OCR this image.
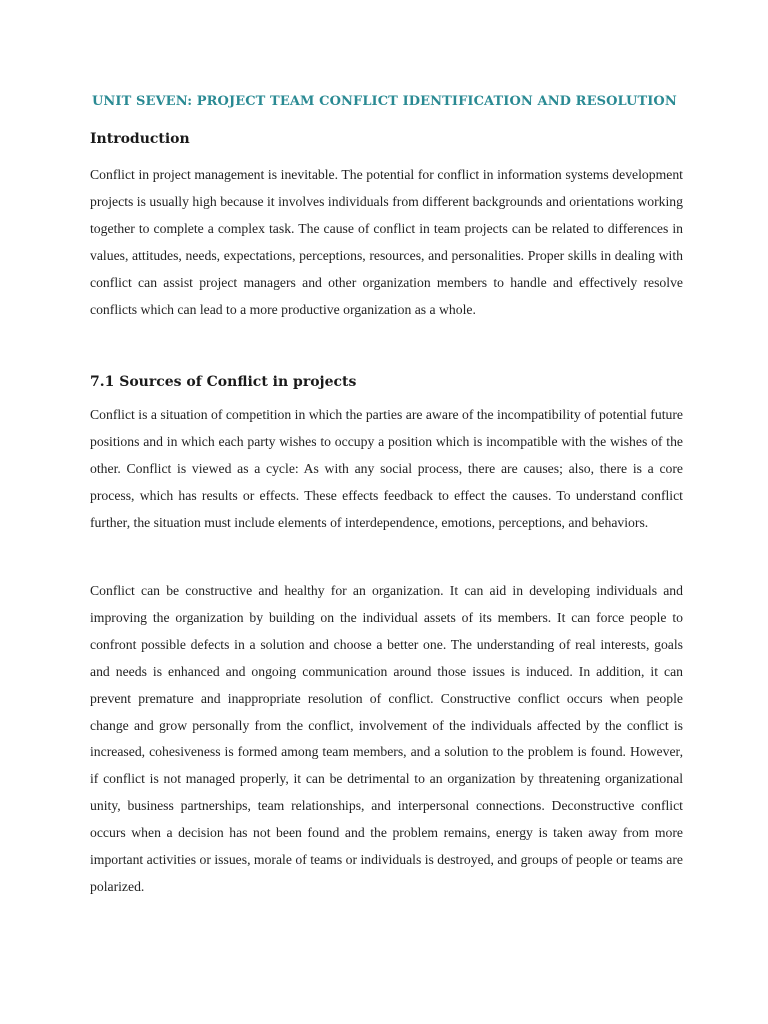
UNIT SEVEN: PROJECT TEAM CONFLICT IDENTIFICATION AND RESOLUTION
Introduction

Conflict in project management is inevitable. The potential for conflict in information systems development projects is usually high because it involves individuals from different backgrounds and orientations working together to complete a complex task. The cause of conflict in team projects can be related to differences in values, attitudes, needs, expectations, perceptions, resources, and personalities. Proper skills in dealing with conflict can assist project managers and other organization members to handle and effectively resolve conflicts which can lead to a more productive organization as a whole.

7.1 Sources of Conflict in projects

Conflict is a situation of competition in which the parties are aware of the incompatibility of potential future positions and in which each party wishes to occupy a position which is incompatible with the wishes of the other. Conflict is viewed as a cycle: As with any social process, there are causes; also, there is a core process, which has results or effects. These effects feedback to effect the causes. To understand conflict further, the situation must include elements of interdependence, emotions, perceptions, and behaviors.

Conflict can be constructive and healthy for an organization. It can aid in developing individuals and improving the organization by building on the individual assets of its members. It can force people to confront possible defects in a solution and choose a better one. The understanding of real interests, goals and needs is enhanced and ongoing communication around those issues is induced. In addition, it can prevent premature and inappropriate resolution of conflict. Constructive conflict occurs when people change and grow personally from the conflict, involvement of the individuals affected by the conflict is increased, cohesiveness is formed among team members, and a solution to the problem is found. However, if conflict is not managed properly, it can be detrimental to an organization by threatening organizational unity, business partnerships, team relationships, and interpersonal connections. Deconstructive conflict occurs when a decision has not been found and the problem remains, energy is taken away from more important activities or issues, morale of teams or individuals is destroyed, and groups of people or teams are polarized.
